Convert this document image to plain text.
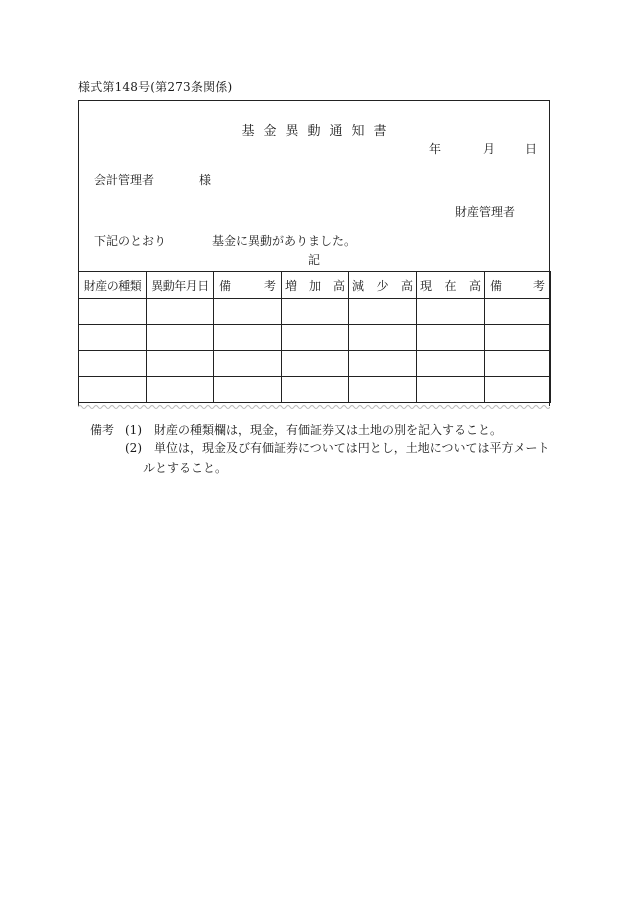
様式第148号(第273条関係)
基金異動通知書
年	月	日
会計管理者	様
財産管理者
下記のとおり	基金に異動がありました。
記
財産の種類	異動年月日	備 考	増 加 高	減 少 高	現 在 高	備 考

備考 (1) 財産の種類欄は，現金，有価証券又は土地の別を記入すること。
(2) 単位は，現金及び有価証券については円とし，土地については平方メート
ルとすること。
